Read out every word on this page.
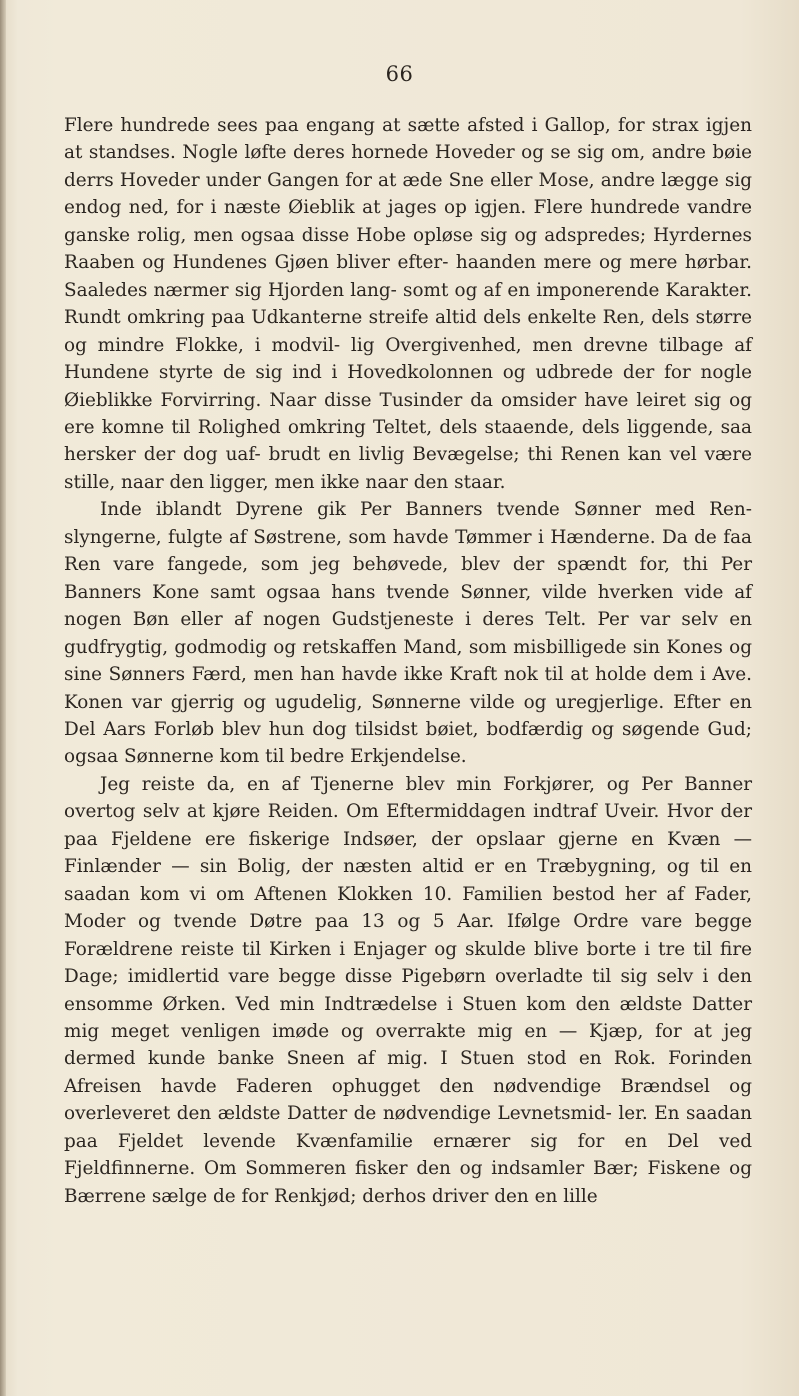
66

Flere hundrede sees paa engang at sætte afsted i Gallop, for strax igjen at standses. Nogle løfte deres hornede Hoveder og se sig om, andre bøie derrs Hoveder under Gangen for at æde Sne eller Mose, andre lægge sig endog ned, for i næste Øieblik at jages op igjen. Flere hundrede vandre ganske rolig, men ogsaa disse Hobe opløse sig og adspredes; Hyrdernes Raaben og Hundenes Gjøen bliver efter- haanden mere og mere hørbar. Saaledes nærmer sig Hjorden lang- somt og af en imponerende Karakter. Rundt omkring paa Udkanterne streife altid dels enkelte Ren, dels større og mindre Flokke, i modvil- lig Overgivenhed, men drevne tilbage af Hundene styrte de sig ind i Hovedkolonnen og udbrede der for nogle Øieblikke Forvirring. Naar disse Tusinder da omsider have leiret sig og ere komne til Rolighed omkring Teltet, dels staaende, dels liggende, saa hersker der dog uaf- brudt en livlig Bevægelse; thi Renen kan vel være stille, naar den ligger, men ikke naar den staar.

Inde iblandt Dyrene gik Per Banners tvende Sønner med Ren- slyngerne, fulgte af Søstrene, som havde Tømmer i Hænderne. Da de faa Ren vare fangede, som jeg behøvede, blev der spændt for, thi Per Banners Kone samt ogsaa hans tvende Sønner, vilde hverken vide af nogen Bøn eller af nogen Gudstjeneste i deres Telt. Per var selv en gudfrygtig, godmodig og retskaffen Mand, som misbilligede sin Kones og sine Sønners Færd, men han havde ikke Kraft nok til at holde dem i Ave. Konen var gjerrig og ugudelig, Sønnerne vilde og uregjerlige. Efter en Del Aars Forløb blev hun dog tilsidst bøiet, bodfærdig og søgende Gud; ogsaa Sønnerne kom til bedre Erkjendelse.

Jeg reiste da, en af Tjenerne blev min Forkjører, og Per Banner overtog selv at kjøre Reiden. Om Eftermiddagen indtraf Uveir. Hvor der paa Fjeldene ere fiskerige Indsøer, der opslaar gjerne en Kvæn — Finlænder — sin Bolig, der næsten altid er en Træbygning, og til en saadan kom vi om Aftenen Klokken 10. Familien bestod her af Fader, Moder og tvende Døtre paa 13 og 5 Aar. Ifølge Ordre vare begge Forældrene reiste til Kirken i Enjager og skulde blive borte i tre til fire Dage; imidlertid vare begge disse Pigebørn overladte til sig selv i den ensomme Ørken. Ved min Indtrædelse i Stuen kom den ældste Datter mig meget venligen imøde og overrakte mig en — Kjæp, for at jeg dermed kunde banke Sneen af mig. I Stuen stod en Rok. Forinden Afreisen havde Faderen ophugget den nødvendige Brændsel og overleveret den ældste Datter de nødvendige Levnetsmid- ler. En saadan paa Fjeldet levende Kvænfamilie ernærer sig for en Del ved Fjeldfinnerne. Om Sommeren fisker den og indsamler Bær; Fiskene og Bærrene sælge de for Renkjød; derhos driver den en lille
